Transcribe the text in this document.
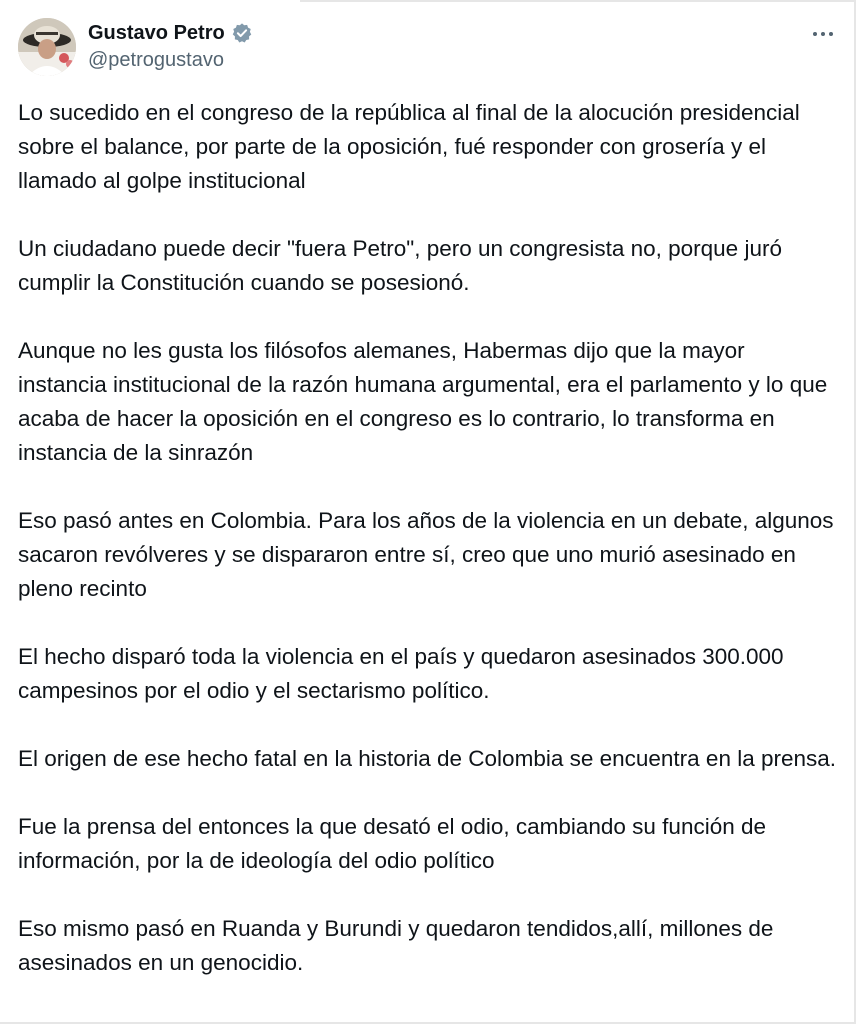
Gustavo Petro
@petrogustavo

Lo sucedido en el congreso de la república al final de la alocución presidencial sobre el balance, por parte de la oposición, fué responder con grosería y el llamado al golpe institucional

Un ciudadano puede decir "fuera Petro", pero un congresista no, porque juró cumplir la Constitución cuando se posesionó.

Aunque no les gusta los filósofos alemanes, Habermas dijo que la mayor instancia institucional de la razón humana argumental, era el parlamento y lo que acaba de hacer la oposición en el congreso es lo contrario, lo transforma en instancia de la sinrazón

Eso pasó antes en Colombia. Para los años de la violencia en un debate, algunos sacaron revólveres y se dispararon entre sí, creo que uno murió asesinado en pleno recinto

El hecho disparó toda la violencia en el país y quedaron asesinados 300.000 campesinos por el odio y el sectarismo político.

El origen de ese hecho fatal en la historia de Colombia se encuentra en la prensa.

Fue la prensa del entonces la que desató el odio, cambiando su función de información, por la de ideología del odio político

Eso mismo pasó en Ruanda y Burundi y quedaron tendidos,allí, millones de asesinados en un genocidio.
